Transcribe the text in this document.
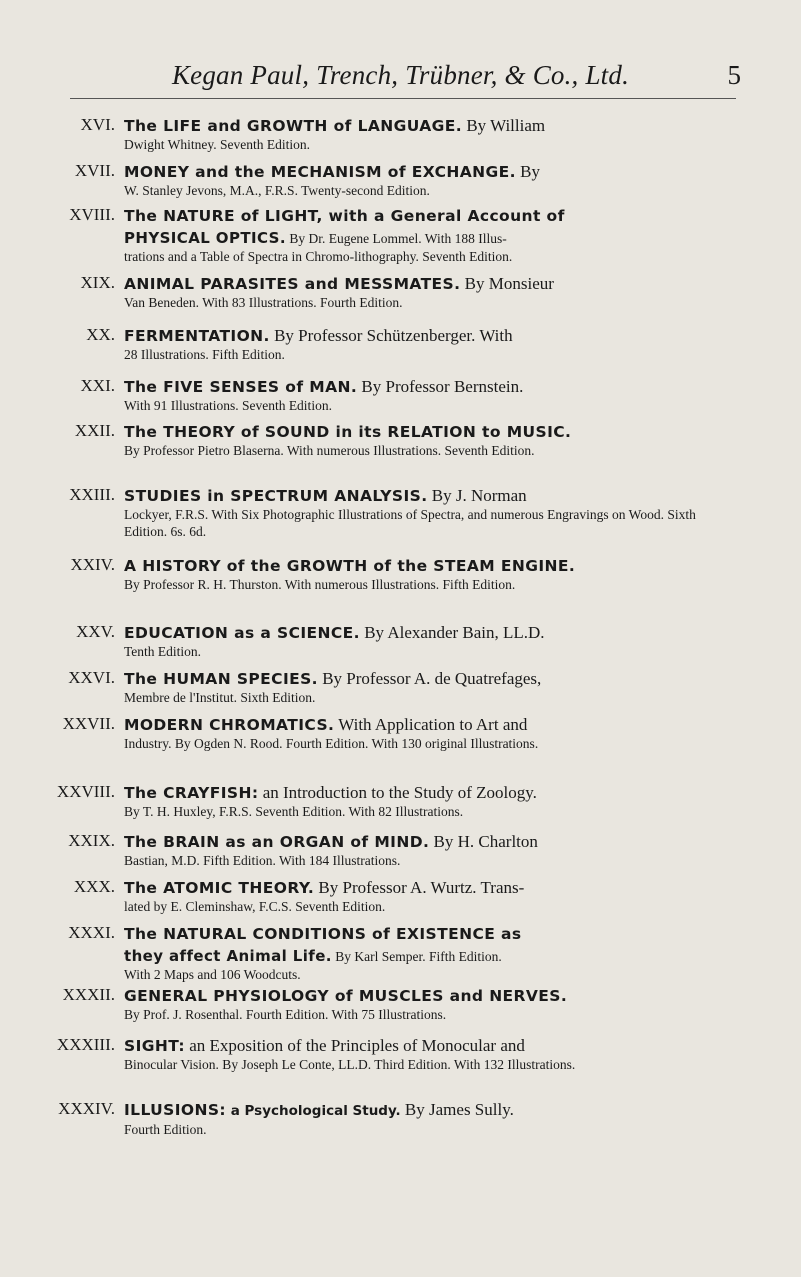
Kegan Paul, Trench, Trübner, & Co., Ltd.	5
XVI. The LIFE and GROWTH of LANGUAGE. By William
Dwight Whitney. Seventh Edition.
XVII. MONEY and the MECHANISM of EXCHANGE. By
W. Stanley Jevons, M.A., F.R.S. Twenty-second Edition.
XVIII. The NATURE of LIGHT, with a General Account of
PHYSICAL OPTICS. By Dr. Eugene Lommel. With 188 Illus-
trations and a Table of Spectra in Chromo-lithography. Seventh Edition.
XIX. ANIMAL PARASITES and MESSMATES. By Monsieur
Van Beneden. With 83 Illustrations. Fourth Edition.
XX. FERMENTATION. By Professor Schützenberger. With
28 Illustrations. Fifth Edition.
XXI. The FIVE SENSES of MAN. By Professor Bernstein.
With 91 Illustrations. Seventh Edition.
XXII. The THEORY of SOUND in its RELATION to MUSIC.
By Professor Pietro Blaserna. With numerous Illustrations. Seventh Edition.
XXIII. STUDIES in SPECTRUM ANALYSIS. By J. Norman
Lockyer, F.R.S. With Six Photographic Illustrations of Spectra, and numerous Engravings on Wood. Sixth Edition. 6s. 6d.
XXIV. A HISTORY of the GROWTH of the STEAM ENGINE.
By Professor R. H. Thurston. With numerous Illustrations. Fifth Edition.
XXV. EDUCATION as a SCIENCE. By Alexander Bain, LL.D.
Tenth Edition.
XXVI. The HUMAN SPECIES. By Professor A. de Quatrefages,
Membre de l'Institut. Sixth Edition.
XXVII. MODERN CHROMATICS. With Application to Art and
Industry. By Ogden N. Rood. Fourth Edition. With 130 original Illustrations.
XXVIII. The CRAYFISH: an Introduction to the Study of Zoology.
By T. H. Huxley, F.R.S. Seventh Edition. With 82 Illustrations.
XXIX. The BRAIN as an ORGAN of MIND. By H. Charlton
Bastian, M.D. Fifth Edition. With 184 Illustrations.
XXX. The ATOMIC THEORY. By Professor A. Wurtz. Trans-
lated by E. Cleminshaw, F.C.S. Seventh Edition.
XXXI. The NATURAL CONDITIONS of EXISTENCE as
they affect Animal Life. By Karl Semper. Fifth Edition.
With 2 Maps and 106 Woodcuts.
XXXII. GENERAL PHYSIOLOGY of MUSCLES and NERVES.
By Prof. J. Rosenthal. Fourth Edition. With 75 Illustrations.
XXXIII. SIGHT: an Exposition of the Principles of Monocular and
Binocular Vision. By Joseph Le Conte, LL.D. Third Edition. With 132 Illustrations.
XXXIV. ILLUSIONS: a Psychological Study. By James Sully.
Fourth Edition.
